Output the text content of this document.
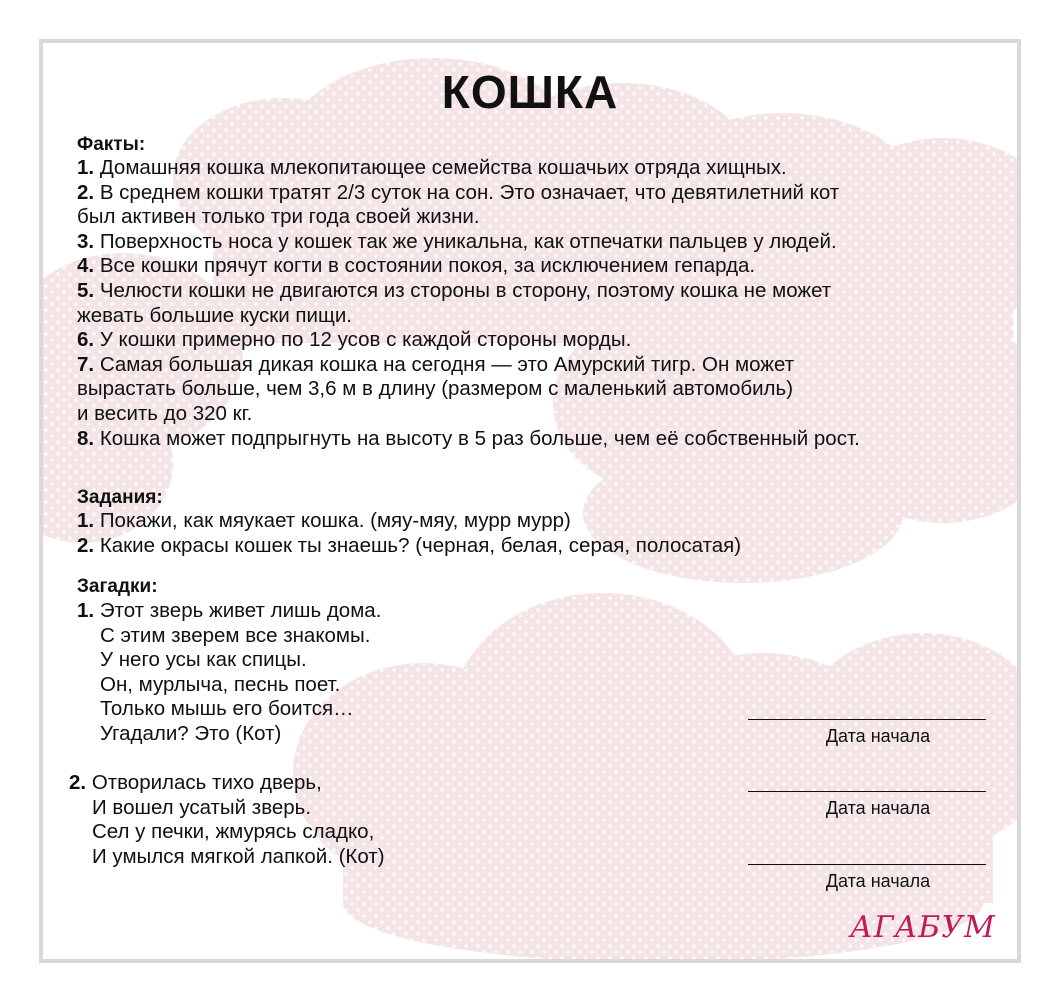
КОШКА
Факты:
1. Домашняя кошка млекопитающее семейства кошачьих отряда хищных.
2. В среднем кошки тратят 2/3 суток на сон. Это означает, что девятилетний кот
был активен только три года своей жизни.
3. Поверхность носа у кошек так же уникальна, как отпечатки пальцев у людей.
4. Все кошки прячут когти в состоянии покоя, за исключением гепарда.
5. Челюсти кошки не двигаются из стороны в сторону, поэтому кошка не может
жевать большие куски пищи.
6. У кошки примерно по 12 усов с каждой стороны морды.
7. Самая большая дикая кошка на сегодня — это Амурский тигр. Он может
вырастать больше, чем 3,6 м в длину (размером с маленький автомобиль)
и весить до 320 кг.
8. Кошка может подпрыгнуть на высоту в 5 раз больше, чем её собственный рост.
Задания:
1. Покажи, как мяукает кошка. (мяу-мяу, мурр мурр)
2. Какие окрасы кошек ты знаешь? (черная, белая, серая, полосатая)
Загадки:
1. Этот зверь живет лишь дома.
С этим зверем все знакомы.
У него усы как спицы.
Он, мурлыча, песнь поет.
Только мышь его боится…
Угадали? Это (Кот)
2. Отворилась тихо дверь,
И вошел усатый зверь.
Сел у печки, жмурясь сладко,
И умылся мягкой лапкой. (Кот)
Дата начала
Дата начала
Дата начала
АГАБУМ
